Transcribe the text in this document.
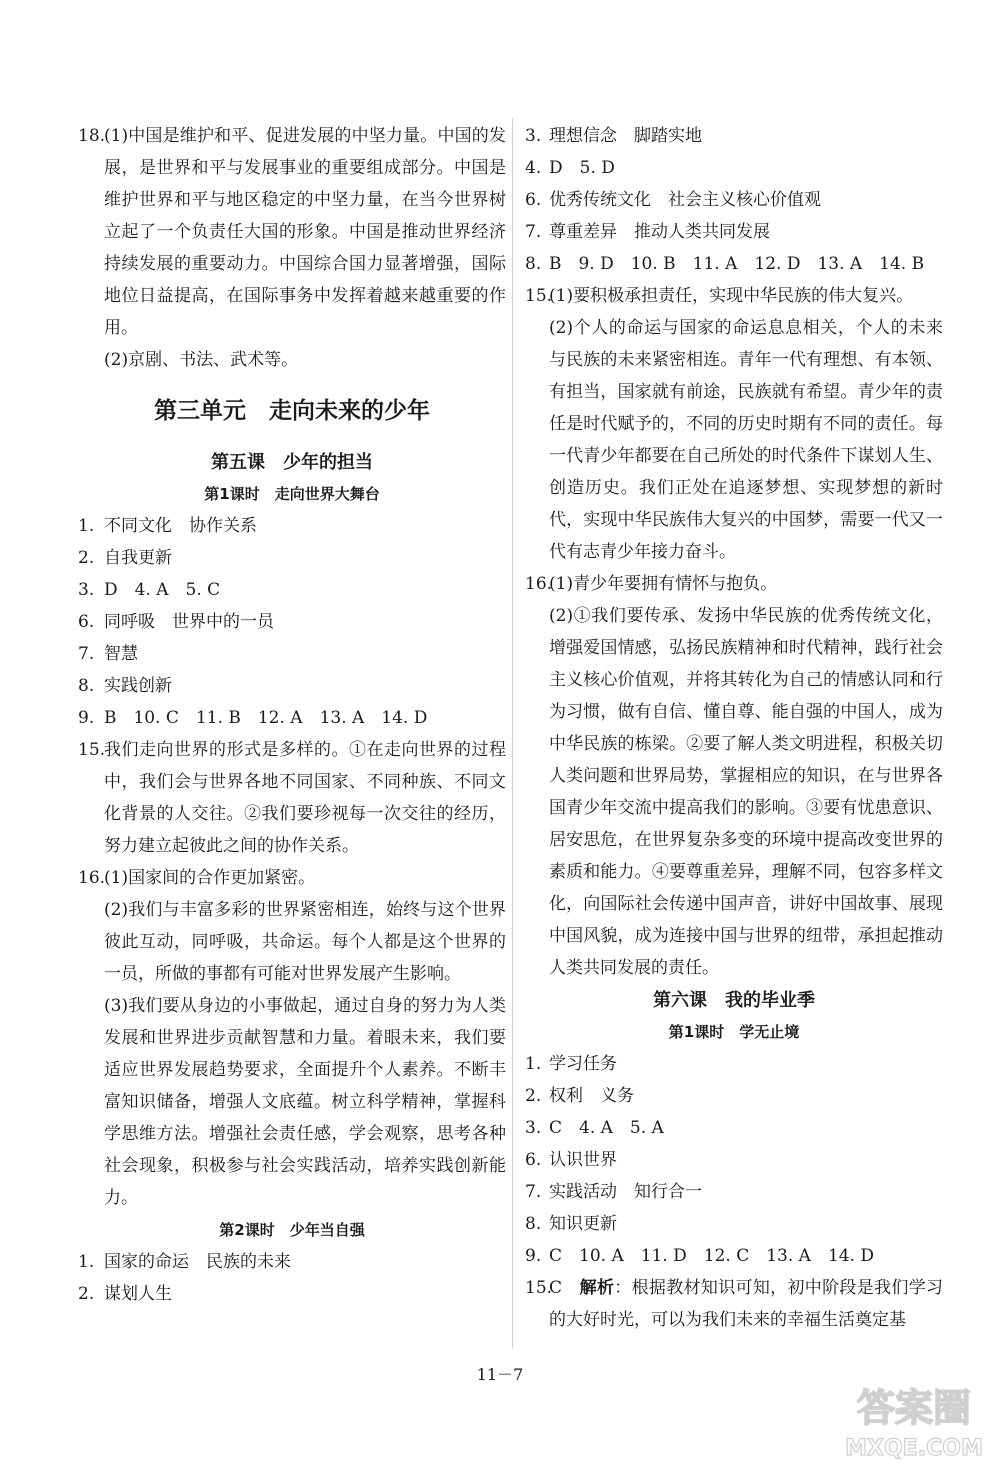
18.
(1)中国是维护和平、促进发展的中坚力量。中国的发展，是世界和平与发展事业的重要组成部分。中国是维护世界和平与地区稳定的中坚力量，在当今世界树立起了一个负责任大国的形象。中国是推动世界经济持续发展的重要动力。中国综合国力显著增强，国际地位日益提高，在国际事务中发挥着越来越重要的作用。
(2)京剧、书法、武术等。
第三单元　走向未来的少年
第五课　少年的担当
第1课时　走向世界大舞台
1. 不同文化　协作关系
2. 自我更新
3. D　4. A　5. C
6. 同呼吸　世界中的一员
7. 智慧
8. 实践创新
9. B　10. C　11. B　12. A　13. A　14. D
15.
我们走向世界的形式是多样的。①在走向世界的过程中，我们会与世界各地不同国家、不同种族、不同文化背景的人交往。②我们要珍视每一次交往的经历，努力建立起彼此之间的协作关系。
16.
(1)国家间的合作更加紧密。
(2)我们与丰富多彩的世界紧密相连，始终与这个世界彼此互动，同呼吸，共命运。每个人都是这个世界的一员，所做的事都有可能对世界发展产生影响。
(3)我们要从身边的小事做起，通过自身的努力为人类发展和世界进步贡献智慧和力量。着眼未来，我们要适应世界发展趋势要求，全面提升个人素养。不断丰富知识储备，增强人文底蕴。树立科学精神，掌握科学思维方法。增强社会责任感，学会观察，思考各种社会现象，积极参与社会实践活动，培养实践创新能力。
第2课时　少年当自强
1. 国家的命运　民族的未来
2. 谋划人生
3. 理想信念　脚踏实地
4. D　5. D
6. 优秀传统文化　社会主义核心价值观
7. 尊重差异　推动人类共同发展
8. B　9. D　10. B　11. A　12. D　13. A　14. B
15.
(1)要积极承担责任，实现中华民族的伟大复兴。
(2)个人的命运与国家的命运息息相关，个人的未来与民族的未来紧密相连。青年一代有理想、有本领、有担当，国家就有前途，民族就有希望。青少年的责任是时代赋予的，不同的历史时期有不同的责任。每一代青少年都要在自己所处的时代条件下谋划人生、创造历史。我们正处在追逐梦想、实现梦想的新时代，实现中华民族伟大复兴的中国梦，需要一代又一代有志青少年接力奋斗。
16.
(1)青少年要拥有情怀与抱负。
(2)①我们要传承、发扬中华民族的优秀传统文化，增强爱国情感，弘扬民族精神和时代精神，践行社会主义核心价值观，并将其转化为自己的情感认同和行为习惯，做有自信、懂自尊、能自强的中国人，成为中华民族的栋梁。②要了解人类文明进程，积极关切人类问题和世界局势，掌握相应的知识，在与世界各国青少年交流中提高我们的影响。③要有忧患意识、居安思危，在世界复杂多变的环境中提高改变世界的素质和能力。④要尊重差异，理解不同，包容多样文化，向国际社会传递中国声音，讲好中国故事、展现中国风貌，成为连接中国与世界的纽带，承担起推动人类共同发展的责任。
第六课　我的毕业季
第1课时　学无止境
1. 学习任务
2. 权利　义务
3. C　4. A　5. A
6. 认识世界
7. 实践活动　知行合一
8. 知识更新
9. C　10. A　11. D　12. C　13. A　14. D
15.
C　解析：根据教材知识可知，初中阶段是我们学习的大好时光，可以为我们未来的幸福生活奠定基
11－7
答案圈
MXQE.COM
